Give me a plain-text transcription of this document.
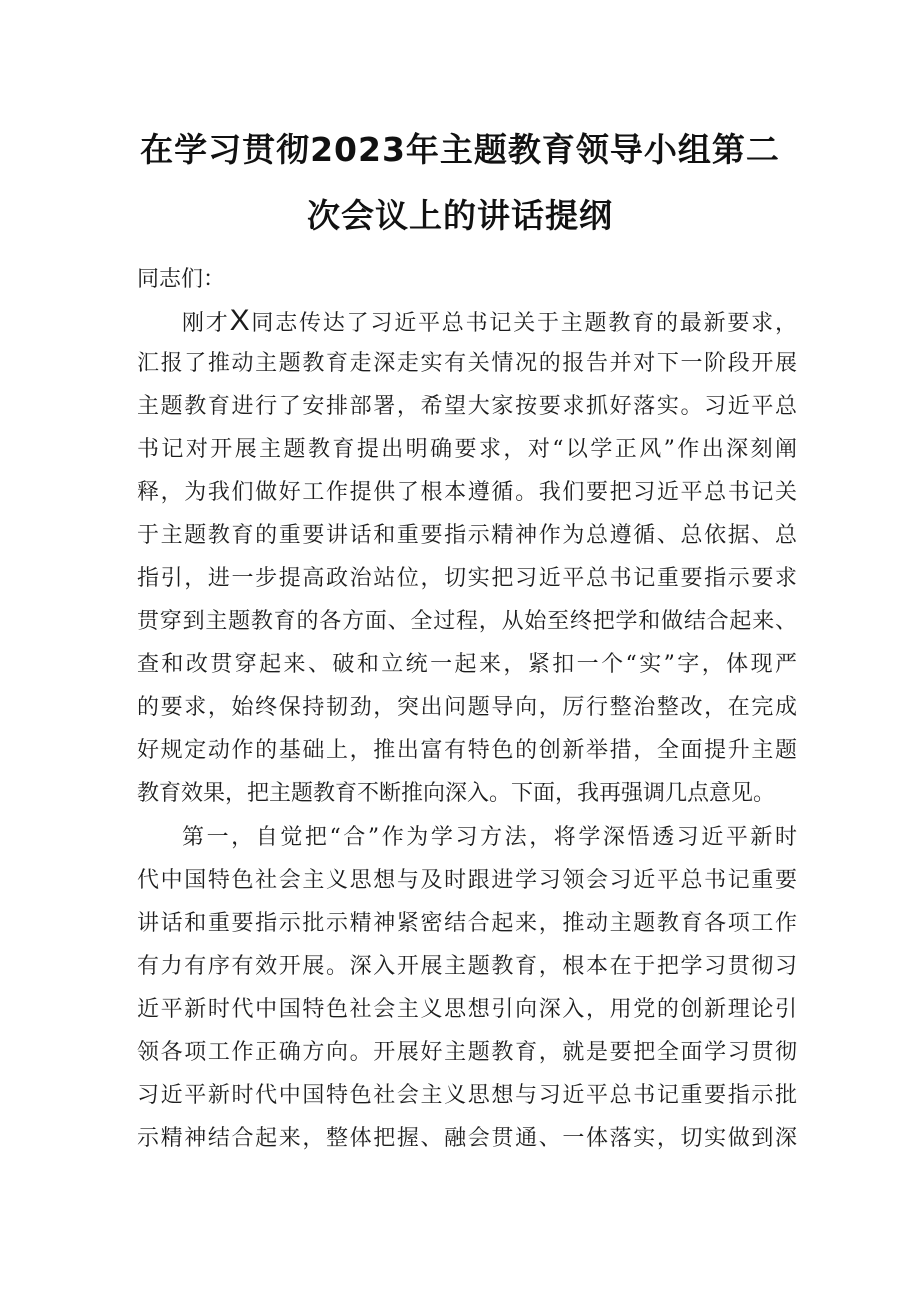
在学习贯彻2023年主题教育领导小组第二
次会议上的讲话提纲
同志们：
刚才X同志传达了习近平总书记关于主题教育的最新要求，
汇报了推动主题教育走深走实有关情况的报告并对下一阶段开展
主题教育进行了安排部署，希望大家按要求抓好落实。习近平总
书记对开展主题教育提出明确要求，对“以学正风”作出深刻阐
释，为我们做好工作提供了根本遵循。我们要把习近平总书记关
于主题教育的重要讲话和重要指示精神作为总遵循、总依据、总
指引，进一步提高政治站位，切实把习近平总书记重要指示要求
贯穿到主题教育的各方面、全过程，从始至终把学和做结合起来、
查和改贯穿起来、破和立统一起来，紧扣一个“实”字，体现严
的要求，始终保持韧劲，突出问题导向，厉行整治整改，在完成
好规定动作的基础上，推出富有特色的创新举措，全面提升主题
教育效果，把主题教育不断推向深入。下面，我再强调几点意见。
第一，自觉把“合”作为学习方法，将学深悟透习近平新时
代中国特色社会主义思想与及时跟进学习领会习近平总书记重要
讲话和重要指示批示精神紧密结合起来，推动主题教育各项工作
有力有序有效开展。深入开展主题教育，根本在于把学习贯彻习
近平新时代中国特色社会主义思想引向深入，用党的创新理论引
领各项工作正确方向。开展好主题教育，就是要把全面学习贯彻
习近平新时代中国特色社会主义思想与习近平总书记重要指示批
示精神结合起来，整体把握、融会贯通、一体落实，切实做到深
